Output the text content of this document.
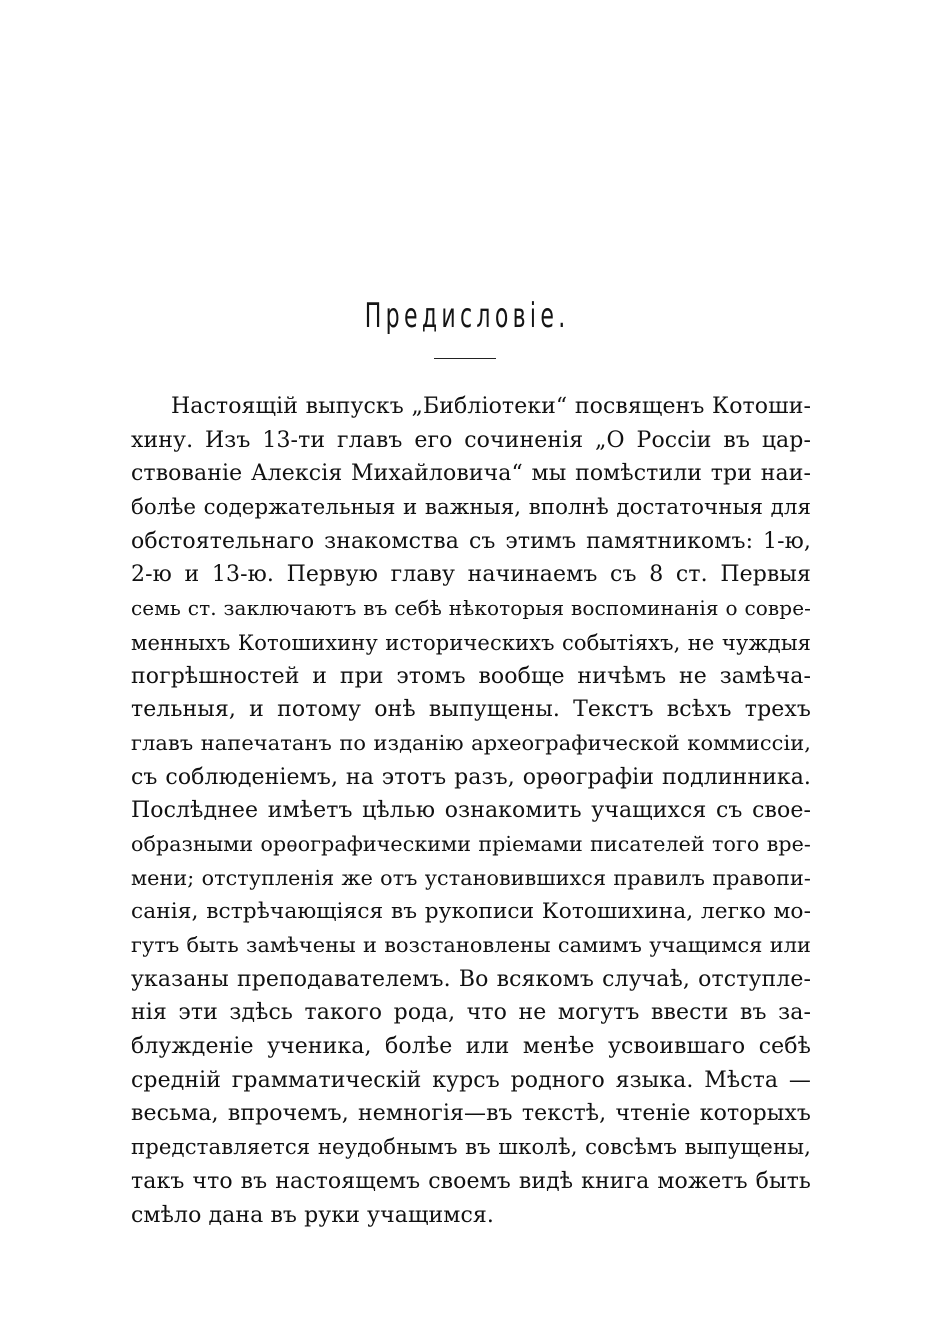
Предисловіе.
Настоящій выпускъ „Библіотеки“ посвященъ Котоши-
хину. Изъ 13-ти главъ его сочиненія „О Россіи въ цар-
ствованіе Алексія Михайловича“ мы помѣстили три наи-
болѣе содержательныя и важныя, вполнѣ достаточныя для
обстоятельнаго знакомства съ этимъ памятникомъ: 1-ю,
2-ю и 13-ю. Первую главу начинаемъ съ 8 ст. Первыя
семь ст. заключаютъ въ себѣ нѣкоторыя воспоминанія о совре-
менныхъ Котошихину историческихъ событіяхъ, не чуждыя
погрѣшностей и при этомъ вообще ничѣмъ не замѣча-
тельныя, и потому онѣ выпущены. Текстъ всѣхъ трехъ
главъ напечатанъ по изданію археографической коммиссіи,
съ соблюденіемъ, на этотъ разъ, орѳографіи подлинника.
Послѣднее имѣетъ цѣлью ознакомить учащихся съ свое-
образными орѳографическими пріемами писателей того вре-
мени; отступленія же отъ установившихся правилъ правопи-
санія, встрѣчающіяся въ рукописи Котошихина, легко мо-
гутъ быть замѣчены и возстановлены самимъ учащимся или
указаны преподавателемъ. Во всякомъ случаѣ, отступле-
нія эти здѣсь такого рода, что не могутъ ввести въ за-
блужденіе ученика, болѣе или менѣе усвоившаго себѣ
средній грамматическій курсъ родного языка. Мѣста —
весьма, впрочемъ, немногія—въ текстѣ, чтеніе которыхъ
представляется неудобнымъ въ школѣ, совсѣмъ выпущены,
такъ что въ настоящемъ своемъ видѣ книга можетъ быть
смѣло дана въ руки учащимся.
